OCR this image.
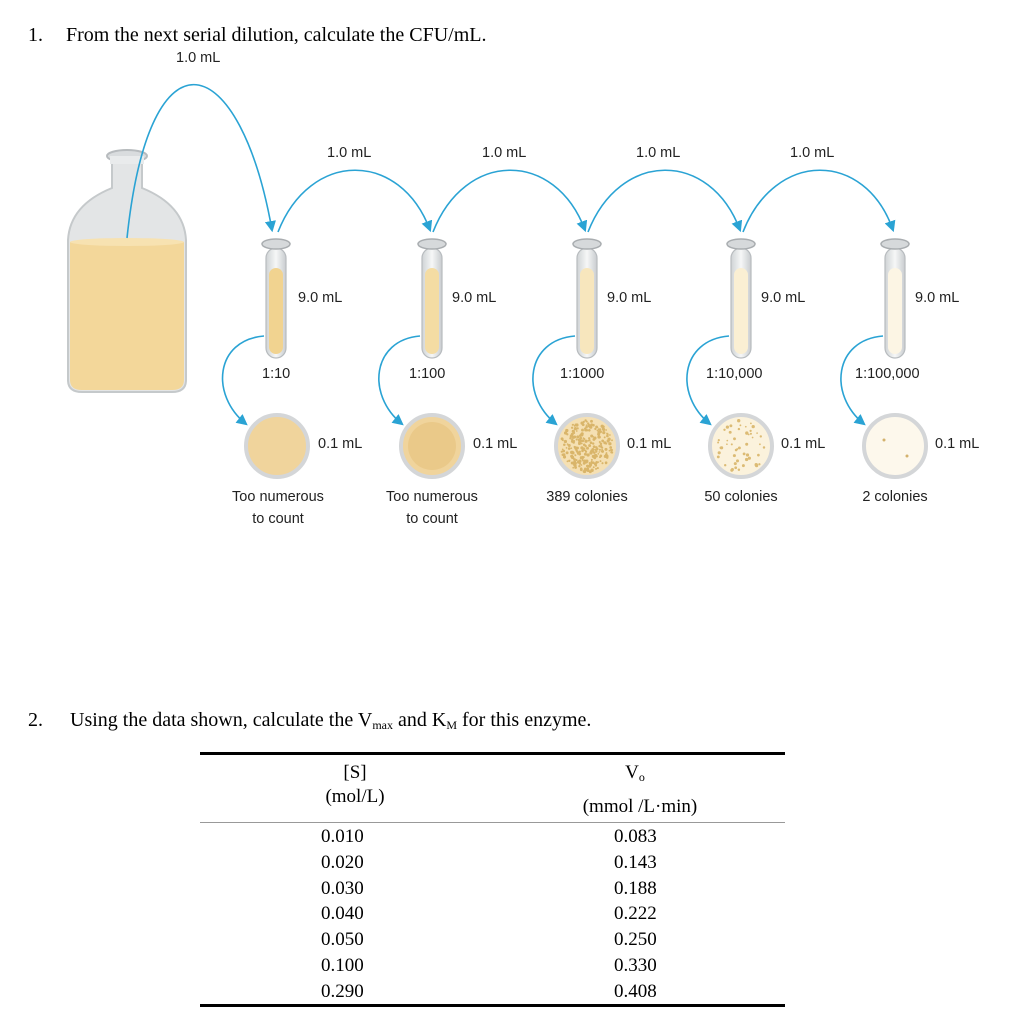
1. From the next serial dilution, calculate the CFU/mL.
1.0 mL
1.0 mL	1.0 mL	1.0 mL	1.0 mL
9.0 mL	9.0 mL	9.0 mL	9.0 mL	9.0 mL
1:10	1:100	1:1000	1:10,000	1:100,000
0.1 mL	0.1 mL	0.1 mL	0.1 mL	0.1 mL
Too numerous
to count
Too numerous
to count
389 colonies	50 colonies	2 colonies
2. Using the data shown, calculate the $V_{max}$ and $K_M$ for this enzyme.
[S]
(mol/L)
$V_o$
(mmol /L·min)
0.010	0.083
0.020	0.143
0.030	0.188
0.040	0.222
0.050	0.250
0.100	0.330
0.290	0.408
